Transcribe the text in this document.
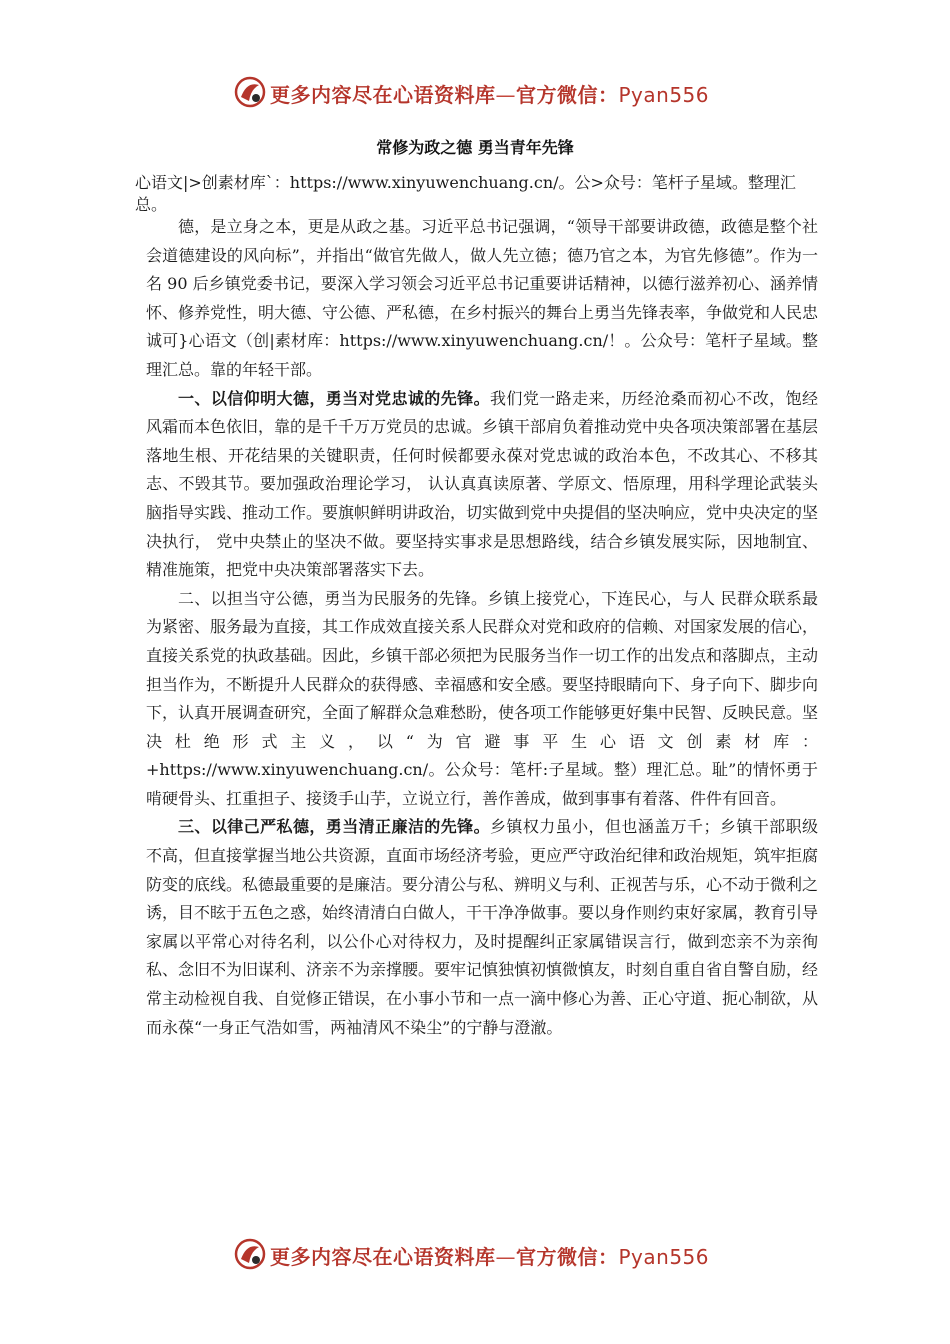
更多内容尽在心语资料库—官方微信：Pyan556
常修为政之德 勇当青年先锋
心语文|>创素材库`：https://www.xinyuwenchuang.cn/。公>众号：笔杆子星域。整理汇总。

德，是立身之本，更是从政之基。习近平总书记强调，“领导干部要讲政德，政德是整个社会道德建设的风向标”，并指出“做官先做人，做人先立德；德乃官之本，为官先修德”。作为一名 90 后乡镇党委书记，要深入学习领会习近平总书记重要讲话精神，以德行滋养初心、涵养情怀、修养党性，明大德、守公德、严私德，在乡村振兴的舞台上勇当先锋表率，争做党和人民忠诚可}心语文（创|素材库：https://www.xinyuwenchuang.cn/！。公众号：笔杆子星域。整理汇总。靠的年轻干部。

一、以信仰明大德，勇当对党忠诚的先锋。我们党一路走来，历经沧桑而初心不改，饱经风霜而本色依旧，靠的是千千万万党员的忠诚。乡镇干部肩负着推动党中央各项决策部署在基层落地生根、开花结果的关键职责，任何时候都要永葆对党忠诚的政治本色，不改其心、不移其志、不毁其节。要加强政治理论学习， 认认真真读原著、学原文、悟原理，用科学理论武装头脑指导实践、推动工作。要旗帜鲜明讲政治，切实做到党中央提倡的坚决响应，党中央决定的坚决执行， 党中央禁止的坚决不做。要坚持实事求是思想路线，结合乡镇发展实际，因地制宜、精准施策，把党中央决策部署落实下去。

二、以担当守公德，勇当为民服务的先锋。乡镇上接党心，下连民心，与人 民群众联系最为紧密、服务最为直接，其工作成效直接关系人民群众对党和政府的信赖、对国家发展的信心，直接关系党的执政基础。因此，乡镇干部必须把为民服务当作一切工作的出发点和落脚点，主动担当作为，不断提升人民群众的获得感、幸福感和安全感。要坚持眼睛向下、身子向下、脚步向下，认真开展调查研究，全面了解群众急难愁盼，使各项工作能够更好集中民智、反映民意。坚决杜绝形式主义，以“为官避事平生心语文创素材库：+https://www.xinyuwenchuang.cn/。公众号：笔杆:子星域。整）理汇总。耻”的情怀勇于啃硬骨头、扛重担子、接烫手山芋，立说立行，善作善成，做到事事有着落、件件有回音。

三、以律己严私德，勇当清正廉洁的先锋。乡镇权力虽小，但也涵盖万千；乡镇干部职级不高，但直接掌握当地公共资源，直面市场经济考验，更应严守政治纪律和政治规矩，筑牢拒腐防变的底线。私德最重要的是廉洁。要分清公与私、辨明义与利、正视苦与乐，心不动于微利之诱，目不眩于五色之惑，始终清清白白做人，干干净净做事。要以身作则约束好家属，教育引导家属以平常心对待名利，以公仆心对待权力，及时提醒纠正家属错误言行，做到恋亲不为亲徇私、念旧不为旧谋利、济亲不为亲撑腰。要牢记慎独慎初慎微慎友，时刻自重自省自警自励，经常主动检视自我、自觉修正错误，在小事小节和一点一滴中修心为善、正心守道、扼心制欲，从而永葆“一身正气浩如雪，两袖清风不染尘”的宁静与澄澈。

更多内容尽在心语资料库—官方微信：Pyan556
